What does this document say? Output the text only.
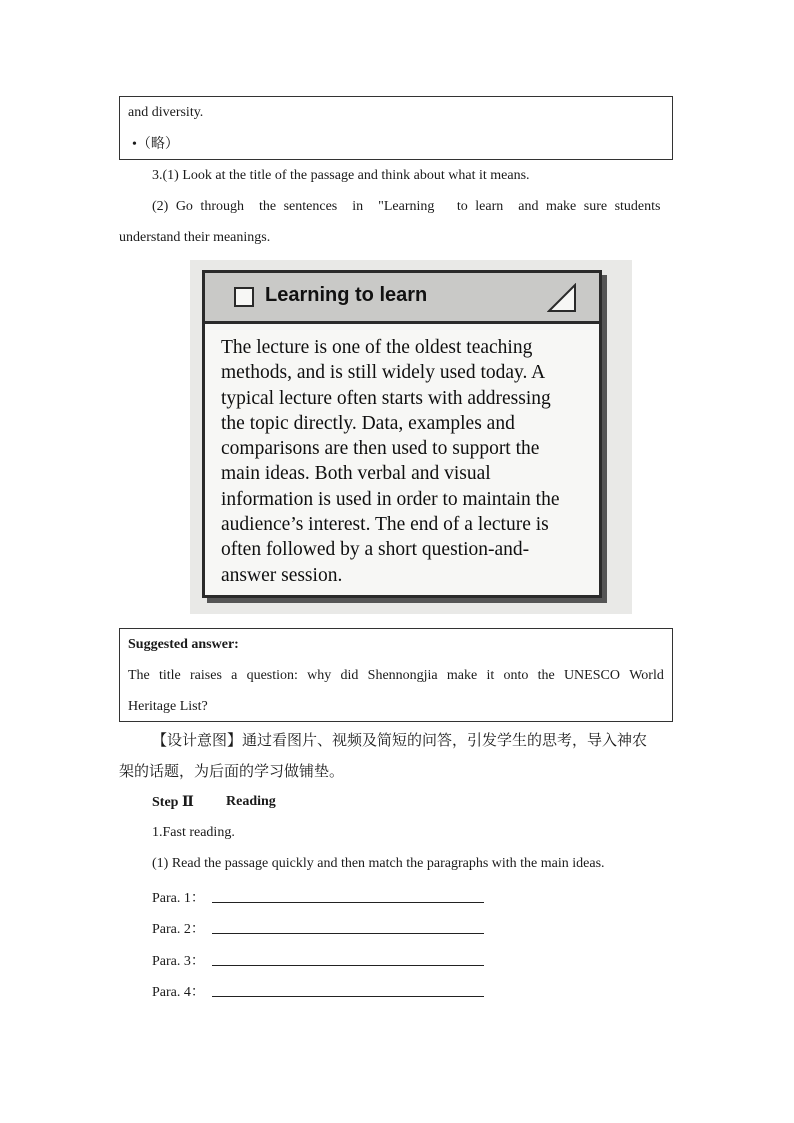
and diversity.
•（略）
3.(1) Look at the title of the passage and think about what it means.
(2) Go through  the sentences  in  "Learning   to learn  and make sure students
understand their meanings.
Learning to learn
The lecture is one of the oldest teaching
methods, and is still widely used today. A
typical lecture often starts with addressing
the topic directly. Data, examples and
comparisons are then used to support the
main ideas. Both verbal and visual
information is used in order to maintain the
audience’s interest. The end of a lecture is
often followed by a short question-and-
answer session.
Suggested answer:
The title raises a question: why did Shennongjia make it onto the UNESCO World
Heritage List?
【设计意图】通过看图片、视频及简短的问答，引发学生的思考，导入神农
架的话题，为后面的学习做铺垫。
Step Ⅱ Reading
1.Fast reading.
(1) Read the passage quickly and then match the paragraphs with the main ideas.
Para. 1：
Para. 2：
Para. 3：
Para. 4：
